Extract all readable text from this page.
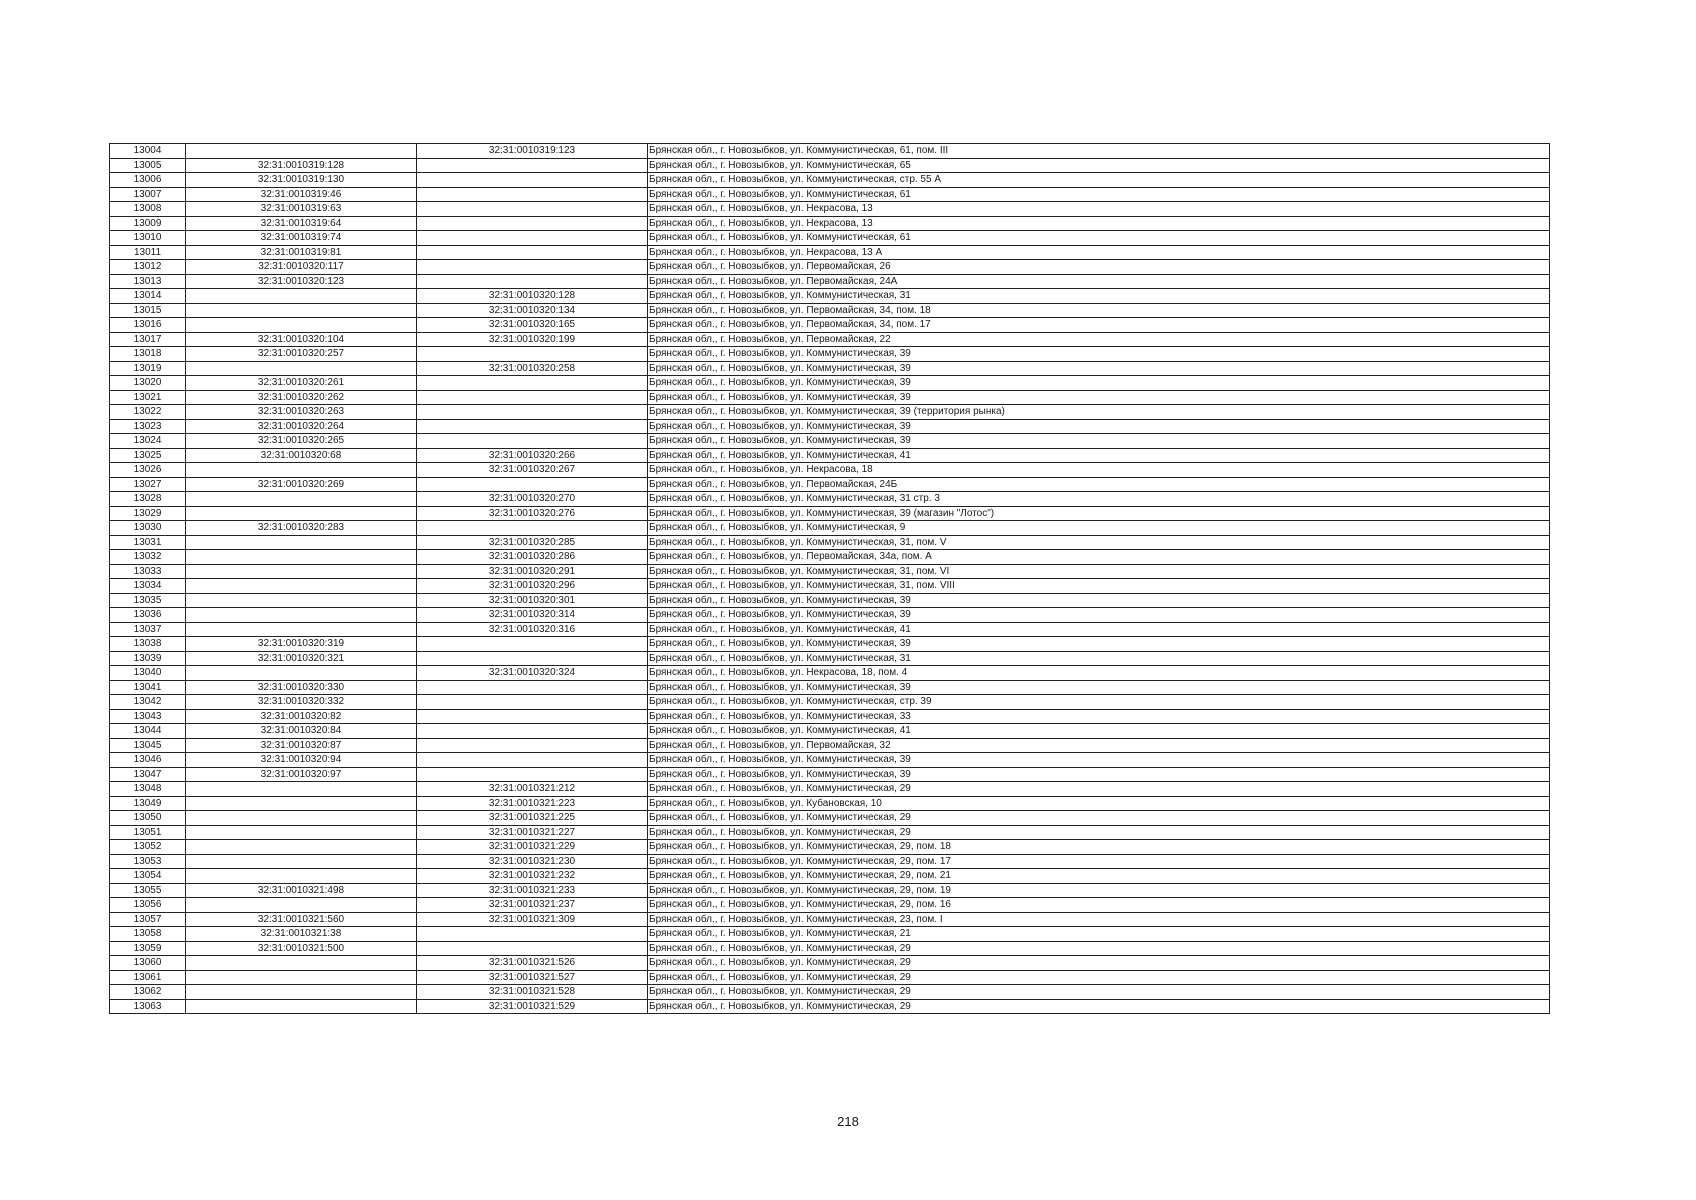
13004		32:31:0010319:123	Брянская обл., г. Новозыбков, ул. Коммунистическая, 61, пом. III
13005	32:31:0010319:128		Брянская обл., г. Новозыбков, ул. Коммунистическая, 65
13006	32:31:0010319:130		Брянская обл., г. Новозыбков, ул. Коммунистическая, стр. 55 А
13007	32:31:0010319:46		Брянская обл., г. Новозыбков, ул. Коммунистическая, 61
13008	32:31:0010319:63		Брянская обл., г. Новозыбков, ул. Некрасова, 13
13009	32:31:0010319:64		Брянская обл., г. Новозыбков, ул. Некрасова, 13
13010	32:31:0010319:74		Брянская обл., г. Новозыбков, ул. Коммунистическая, 61
13011	32:31:0010319:81		Брянская обл., г. Новозыбков, ул. Некрасова, 13 А
13012	32:31:0010320:117		Брянская обл., г. Новозыбков, ул. Первомайская, 26
13013	32:31:0010320:123		Брянская обл., г. Новозыбков, ул. Первомайская, 24А
13014		32:31:0010320:128	Брянская обл., г. Новозыбков, ул. Коммунистическая, 31
13015		32:31:0010320:134	Брянская обл., г. Новозыбков, ул. Первомайская, 34, пом. 18
13016		32:31:0010320:165	Брянская обл., г. Новозыбков, ул. Первомайская, 34, пом. 17
13017	32:31:0010320:104	32:31:0010320:199	Брянская обл., г. Новозыбков, ул. Первомайская, 22
13018	32:31:0010320:257		Брянская обл., г. Новозыбков, ул. Коммунистическая, 39
13019		32:31:0010320:258	Брянская обл., г. Новозыбков, ул. Коммунистическая, 39
13020	32:31:0010320:261		Брянская обл., г. Новозыбков, ул. Коммунистическая, 39
13021	32:31:0010320:262		Брянская обл., г. Новозыбков, ул. Коммунистическая, 39
13022	32:31:0010320:263		Брянская обл., г. Новозыбков, ул. Коммунистическая, 39 (территория рынка)
13023	32:31:0010320:264		Брянская обл., г. Новозыбков, ул. Коммунистическая, 39
13024	32:31:0010320:265		Брянская обл., г. Новозыбков, ул. Коммунистическая, 39
13025	32:31:0010320:68	32:31:0010320:266	Брянская обл., г. Новозыбков, ул. Коммунистическая, 41
13026		32:31:0010320:267	Брянская обл., г. Новозыбков, ул. Некрасова, 18
13027	32:31:0010320:269		Брянская обл., г. Новозыбков, ул. Первомайская, 24Б
13028		32:31:0010320:270	Брянская обл., г. Новозыбков, ул. Коммунистическая, 31 стр. 3
13029		32:31:0010320:276	Брянская обл., г. Новозыбков, ул. Коммунистическая, 39 (магазин "Лотос")
13030	32:31:0010320:283		Брянская обл., г. Новозыбков, ул. Коммунистическая, 9
13031		32:31:0010320:285	Брянская обл., г. Новозыбков, ул. Коммунистическая, 31, пом. V
13032		32:31:0010320:286	Брянская обл., г. Новозыбков, ул. Первомайская, 34а, пом. А
13033		32:31:0010320:291	Брянская обл., г. Новозыбков, ул. Коммунистическая, 31, пом. VI
13034		32:31:0010320:296	Брянская обл., г. Новозыбков, ул. Коммунистическая, 31, пом. VIII
13035		32:31:0010320:301	Брянская обл., г. Новозыбков, ул. Коммунистическая, 39
13036		32:31:0010320:314	Брянская обл., г. Новозыбков, ул. Коммунистическая, 39
13037		32:31:0010320:316	Брянская обл., г. Новозыбков, ул. Коммунистическая, 41
13038	32:31:0010320:319		Брянская обл., г. Новозыбков, ул. Коммунистическая, 39
13039	32:31:0010320:321		Брянская обл., г. Новозыбков, ул. Коммунистическая, 31
13040		32:31:0010320:324	Брянская обл., г. Новозыбков, ул. Некрасова, 18, пом. 4
13041	32:31:0010320:330		Брянская обл., г. Новозыбков, ул. Коммунистическая, 39
13042	32:31:0010320:332		Брянская обл., г. Новозыбков, ул. Коммунистическая, стр. 39
13043	32:31:0010320:82		Брянская обл., г. Новозыбков, ул. Коммунистическая, 33
13044	32:31:0010320:84		Брянская обл., г. Новозыбков, ул. Коммунистическая, 41
13045	32:31:0010320:87		Брянская обл., г. Новозыбков, ул. Первомайская, 32
13046	32:31:0010320:94		Брянская обл., г. Новозыбков, ул. Коммунистическая, 39
13047	32:31:0010320:97		Брянская обл., г. Новозыбков, ул. Коммунистическая, 39
13048		32:31:0010321:212	Брянская обл., г. Новозыбков, ул. Коммунистическая, 29
13049		32:31:0010321:223	Брянская обл., г. Новозыбков, ул. Кубановская, 10
13050		32:31:0010321:225	Брянская обл., г. Новозыбков, ул. Коммунистическая, 29
13051		32:31:0010321:227	Брянская обл., г. Новозыбков, ул. Коммунистическая, 29
13052		32:31:0010321:229	Брянская обл., г. Новозыбков, ул. Коммунистическая, 29, пом. 18
13053		32:31:0010321:230	Брянская обл., г. Новозыбков, ул. Коммунистическая, 29, пом. 17
13054		32:31:0010321:232	Брянская обл., г. Новозыбков, ул. Коммунистическая, 29, пом. 21
13055	32:31:0010321:498	32:31:0010321:233	Брянская обл., г. Новозыбков, ул. Коммунистическая, 29, пом. 19
13056		32:31:0010321:237	Брянская обл., г. Новозыбков, ул. Коммунистическая, 29, пом. 16
13057	32:31:0010321:560	32:31:0010321:309	Брянская обл., г. Новозыбков, ул. Коммунистическая, 23, пом. I
13058	32:31:0010321:38		Брянская обл., г. Новозыбков, ул. Коммунистическая, 21
13059	32:31:0010321:500		Брянская обл., г. Новозыбков, ул. Коммунистическая, 29
13060		32:31:0010321:526	Брянская обл., г. Новозыбков, ул. Коммунистическая, 29
13061		32:31:0010321:527	Брянская обл., г. Новозыбков, ул. Коммунистическая, 29
13062		32:31:0010321:528	Брянская обл., г. Новозыбков, ул. Коммунистическая, 29
13063		32:31:0010321:529	Брянская обл., г. Новозыбков, ул. Коммунистическая, 29
218
